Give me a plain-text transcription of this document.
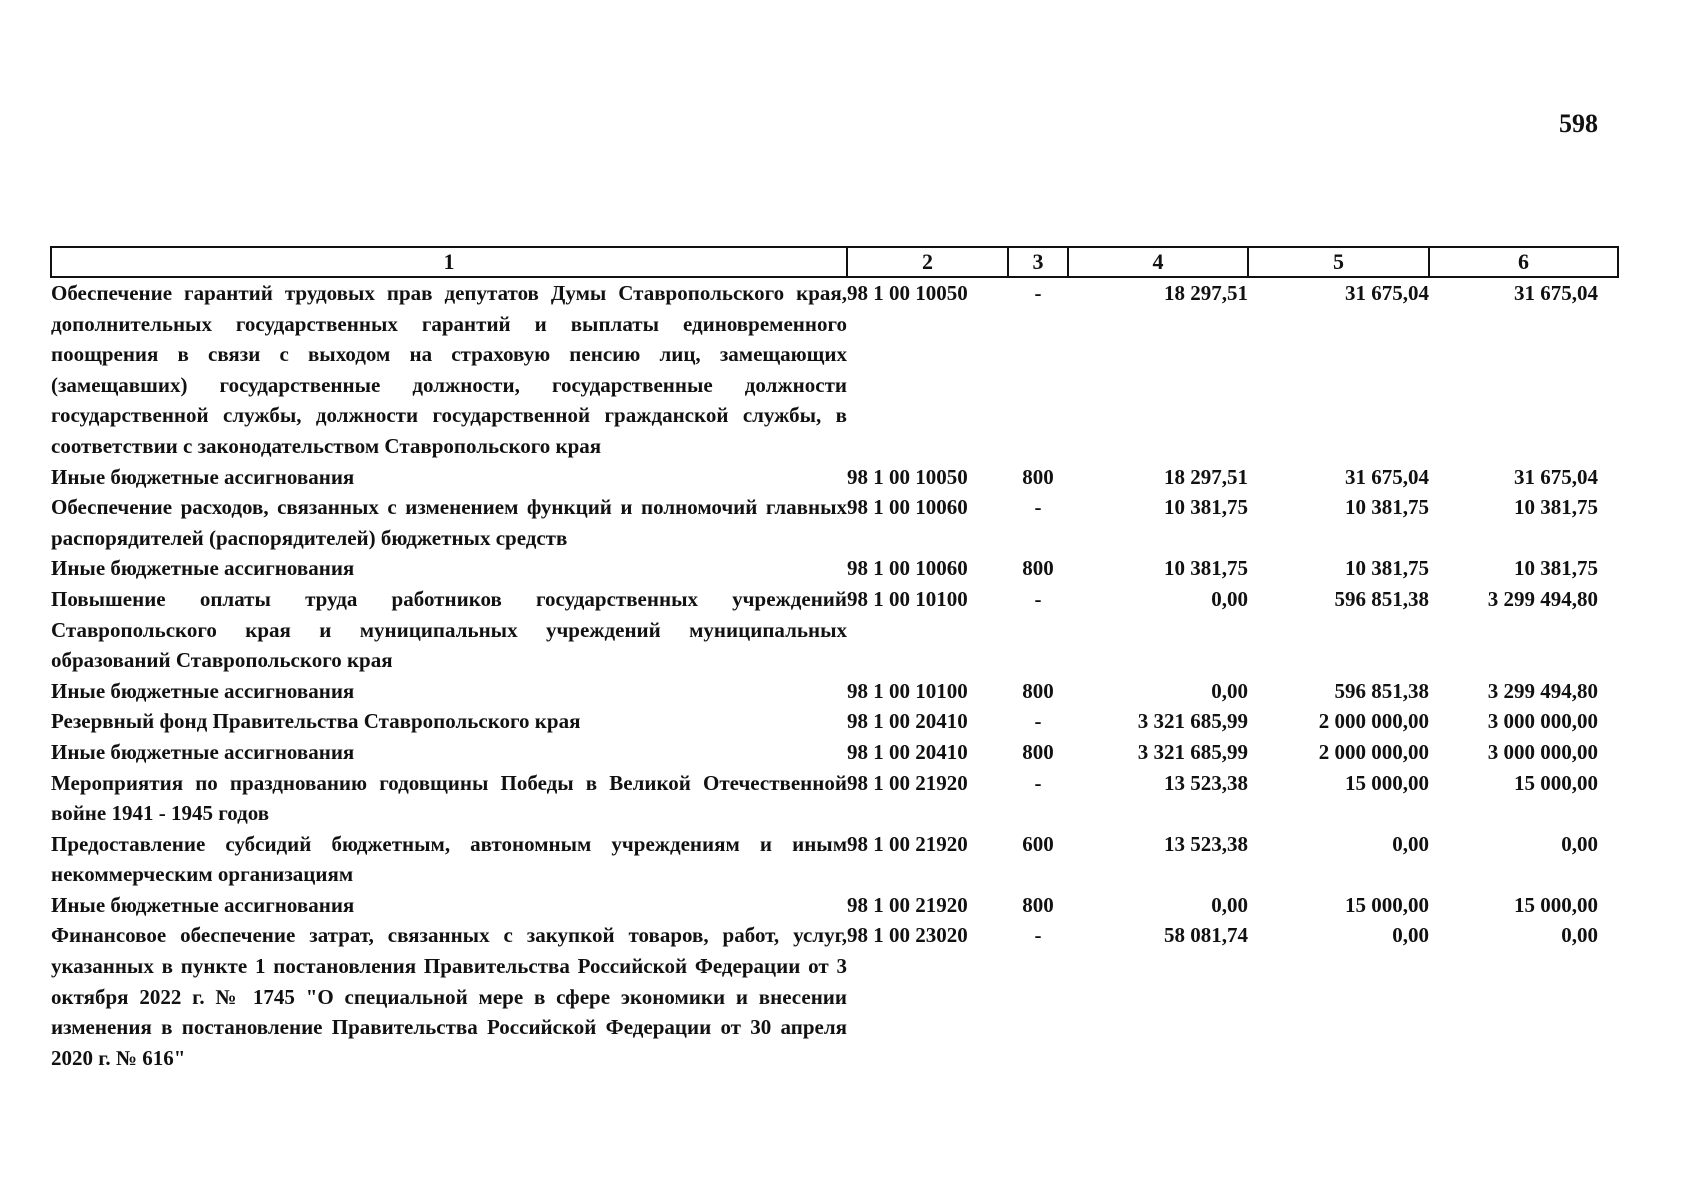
598
1	2	3	4	5	6
Обеспечение гарантий трудовых прав депутатов Думы Ставропольского края, дополнительных государственных гарантий и выплаты единовременного поощрения в связи с выходом на страховую пенсию лиц, замещающих (замещавших) государственные должности, государственные должности государственной службы, должности государственной гражданской службы, в соответствии с законодательством Ставропольского края	98 1 00 10050	-	18 297,51	31 675,04	31 675,04
Иные бюджетные ассигнования	98 1 00 10050	800	18 297,51	31 675,04	31 675,04
Обеспечение расходов, связанных с изменением функций и полномочий главных распорядителей (распорядителей) бюджетных средств	98 1 00 10060	-	10 381,75	10 381,75	10 381,75
Иные бюджетные ассигнования	98 1 00 10060	800	10 381,75	10 381,75	10 381,75
Повышение оплаты труда работников государственных учреждений Ставропольского края и муниципальных учреждений муниципальных образований Ставропольского края	98 1 00 10100	-	0,00	596 851,38	3 299 494,80
Иные бюджетные ассигнования	98 1 00 10100	800	0,00	596 851,38	3 299 494,80
Резервный фонд Правительства Ставропольского края	98 1 00 20410	-	3 321 685,99	2 000 000,00	3 000 000,00
Иные бюджетные ассигнования	98 1 00 20410	800	3 321 685,99	2 000 000,00	3 000 000,00
Мероприятия по празднованию годовщины Победы в Великой Отечественной войне 1941 - 1945 годов	98 1 00 21920	-	13 523,38	15 000,00	15 000,00
Предоставление субсидий бюджетным, автономным учреждениям и иным некоммерческим организациям	98 1 00 21920	600	13 523,38	0,00	0,00
Иные бюджетные ассигнования	98 1 00 21920	800	0,00	15 000,00	15 000,00
Финансовое обеспечение затрат, связанных с закупкой товаров, работ, услуг, указанных в пункте 1 постановления Правительства Российской Федерации от 3 октября 2022 г. № 1745 "О специальной мере в сфере экономики и внесении изменения в постановление Правительства Российской Федерации от 30 апреля 2020 г. № 616"	98 1 00 23020	-	58 081,74	0,00	0,00
